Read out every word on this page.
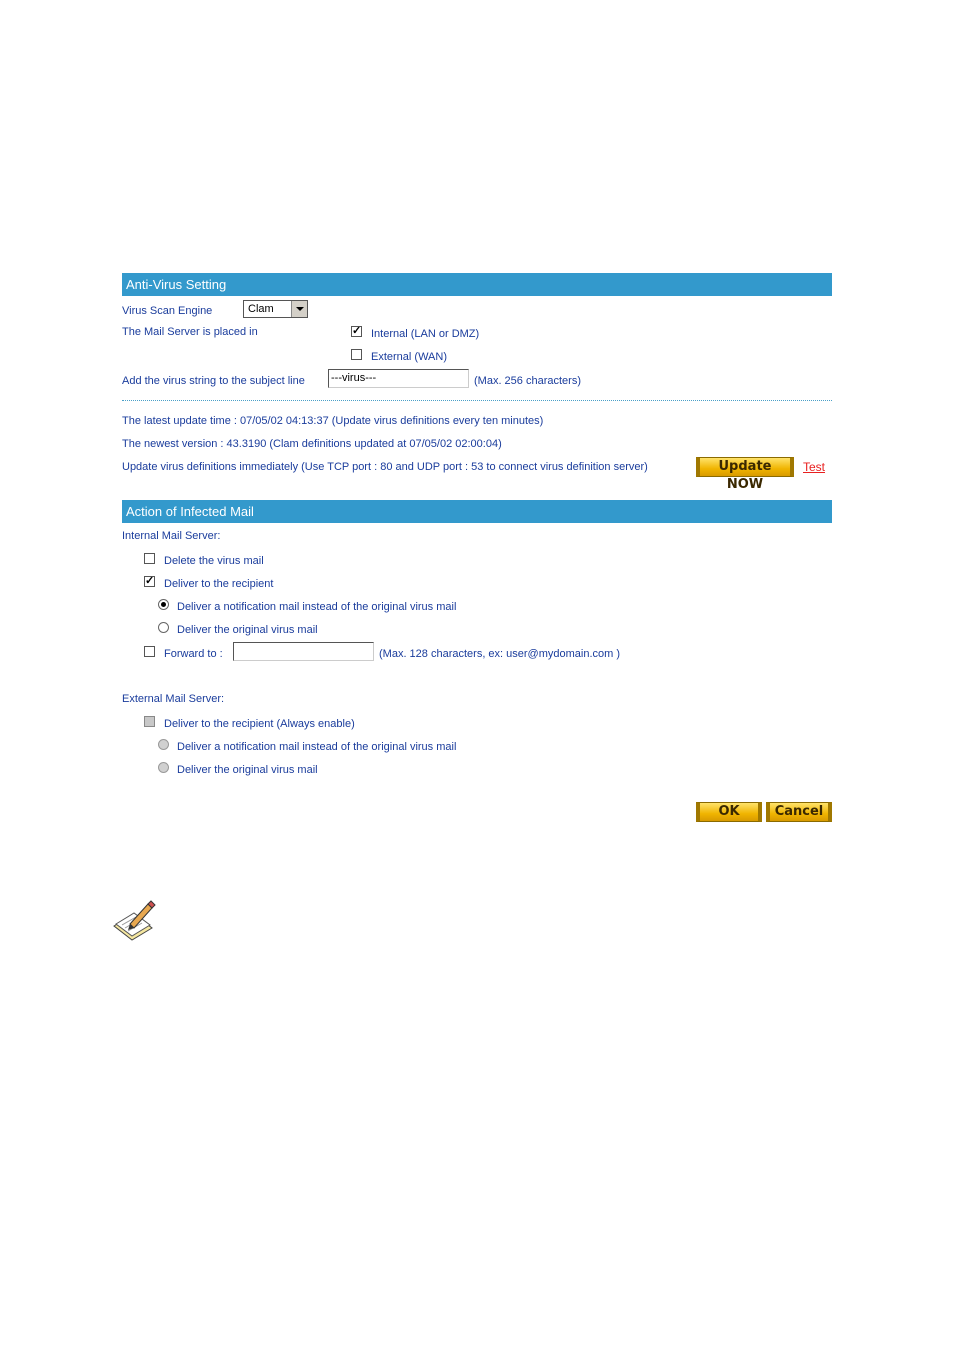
Anti-Virus Setting
Virus Scan Engine	Clam
The Mail Server is placed in	✓ Internal (LAN or DMZ)
External (WAN)
Add the virus string to the subject line ---virus---	(Max. 256 characters)
The latest update time : 07/05/02 04:13:37 (Update virus definitions every ten minutes)
The newest version : 43.3190 (Clam definitions updated at 07/05/02 02:00:04)
Update virus definitions immediately (Use TCP port : 80 and UDP port : 53 to connect virus definition server)	Update NOW
Test
Action of Infected Mail
Internal Mail Server:
Delete the virus mail
✓ Deliver to the recipient
Deliver a notification mail instead of the original virus mail
Deliver the original virus mail
Forward to :	(Max. 128 characters, ex: user@mydomain.com )
External Mail Server:
Deliver to the recipient (Always enable)
Deliver a notification mail instead of the original virus mail
Deliver the original virus mail
OK	Cancel
